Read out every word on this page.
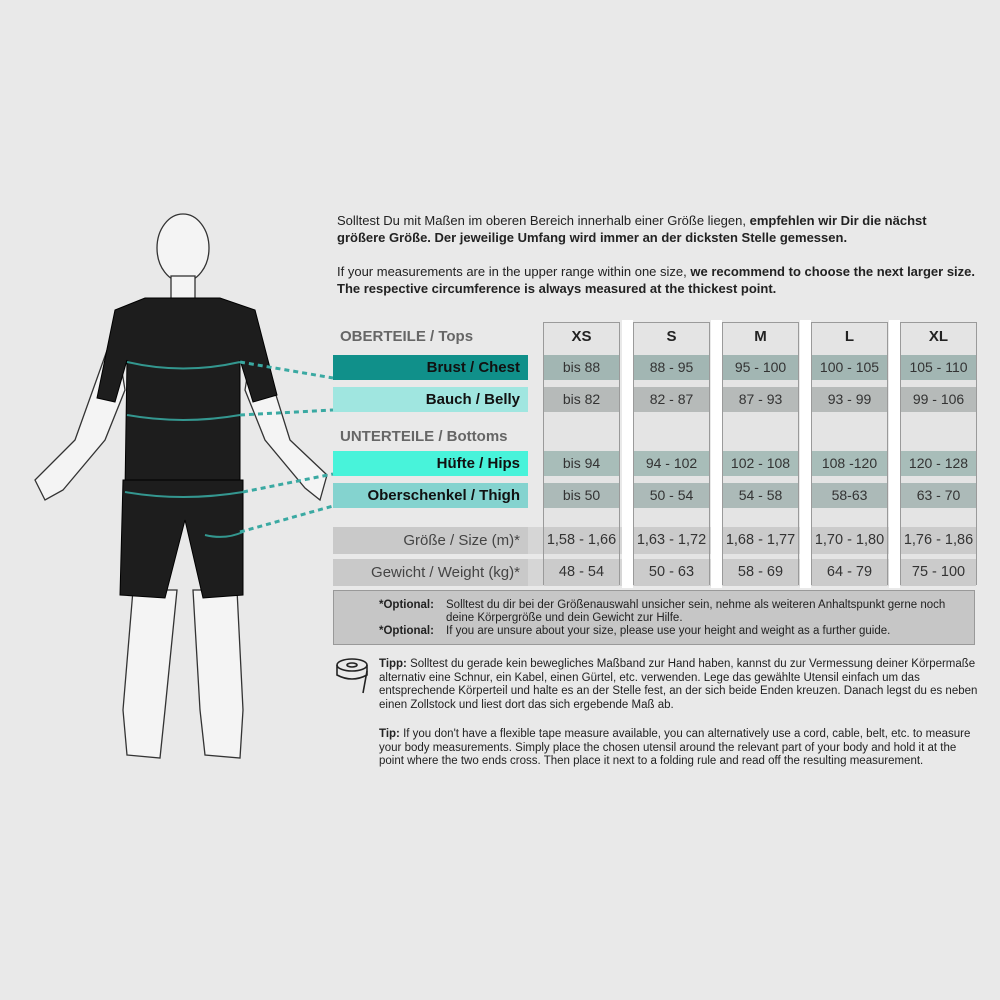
Solltest Du mit Maßen im oberen Bereich innerhalb einer Größe liegen, empfehlen wir Dir die nächst größere Größe. Der jeweilige Umfang wird immer an der dicksten Stelle gemessen.
If your measurements are in the upper range within one size, we recommend to choose the next larger size. The respective circumference is always measured at the thickest point.
XS
bis 88
bis 82
bis 94
bis 50
1,58 - 1,66
48 - 54
S
88 - 95
82 - 87
94 - 102
50 - 54
1,63 - 1,72
50 - 63
M
95 - 100
87 - 93
102 - 108
54 - 58
1,68 - 1,77
58 - 69
L
100 - 105
93 - 99
108 -120
58-63
1,70 - 1,80
64 - 79
XL
105 - 110
99 - 106
120 - 128
63 - 70
1,76 - 1,86
75 - 100
OBERTEILE / Tops
UNTERTEILE / Bottoms
Brust / Chest
Bauch / Belly
Hüfte / Hips
Oberschenkel / Thigh
Größe / Size (m)*
Gewicht / Weight (kg)*
*Optional: Solltest du dir bei der Größenauswahl unsicher sein, nehme als weiteren Anhaltspunkt gerne noch deine Körpergröße und dein Gewicht zur Hilfe.
*Optional: If you are unsure about your size, please use your height and weight as a further guide.
Tipp: Solltest du gerade kein bewegliches Maßband zur Hand haben, kannst du zur Vermessung deiner Körpermaße alternativ eine Schnur, ein Kabel, einen Gürtel, etc. verwenden. Lege das gewählte Utensil einfach um das entsprechende Körperteil und halte es an der Stelle fest, an der sich beide Enden kreuzen. Danach legst du es neben einen Zollstock und liest dort das sich ergebende Maß ab.
Tip: If you don't have a flexible tape measure available, you can alternatively use a cord, cable, belt, etc. to measure your body measurements. Simply place the chosen utensil around the relevant part of your body and hold it at the point where the two ends cross. Then place it next to a folding rule and read off the resulting measurement.
